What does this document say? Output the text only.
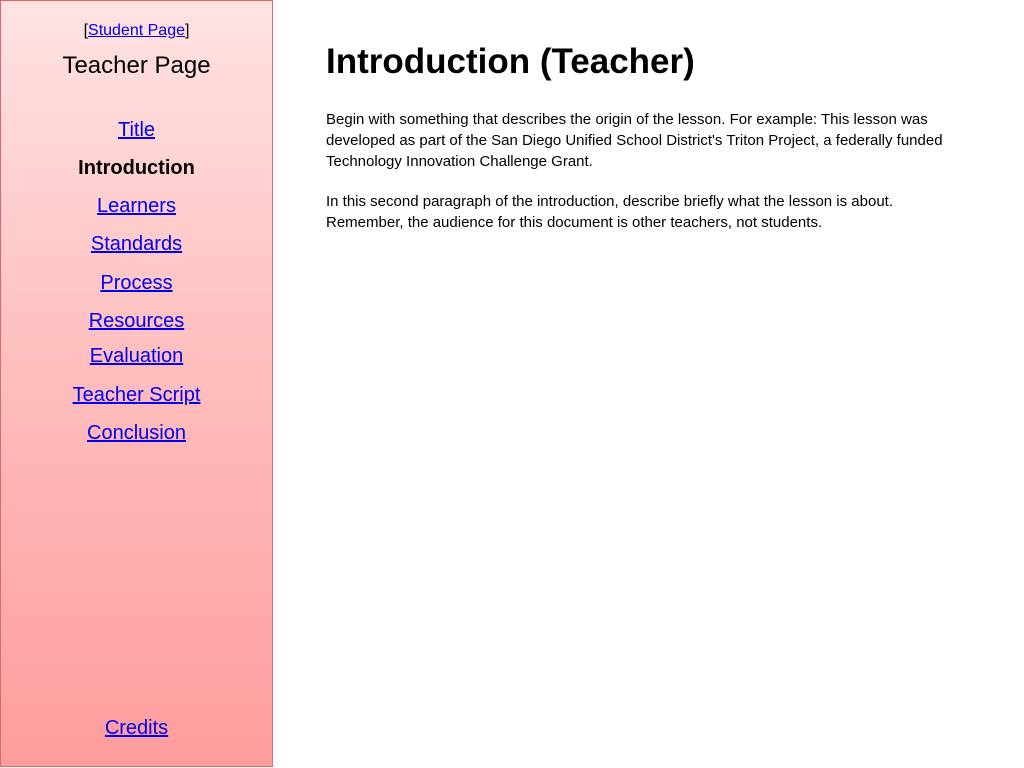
[Student Page]
Teacher Page
Title
Introduction
Learners
Standards
Process
Resources
Evaluation
Teacher Script
Conclusion
Credits
Introduction (Teacher)

Begin with something that describes the origin of the lesson. For example: This lesson was developed as part of the San Diego Unified School District's Triton Project, a federally funded Technology Innovation Challenge Grant.

In this second paragraph of the introduction, describe briefly what the lesson is about. Remember, the audience for this document is other teachers, not students.
